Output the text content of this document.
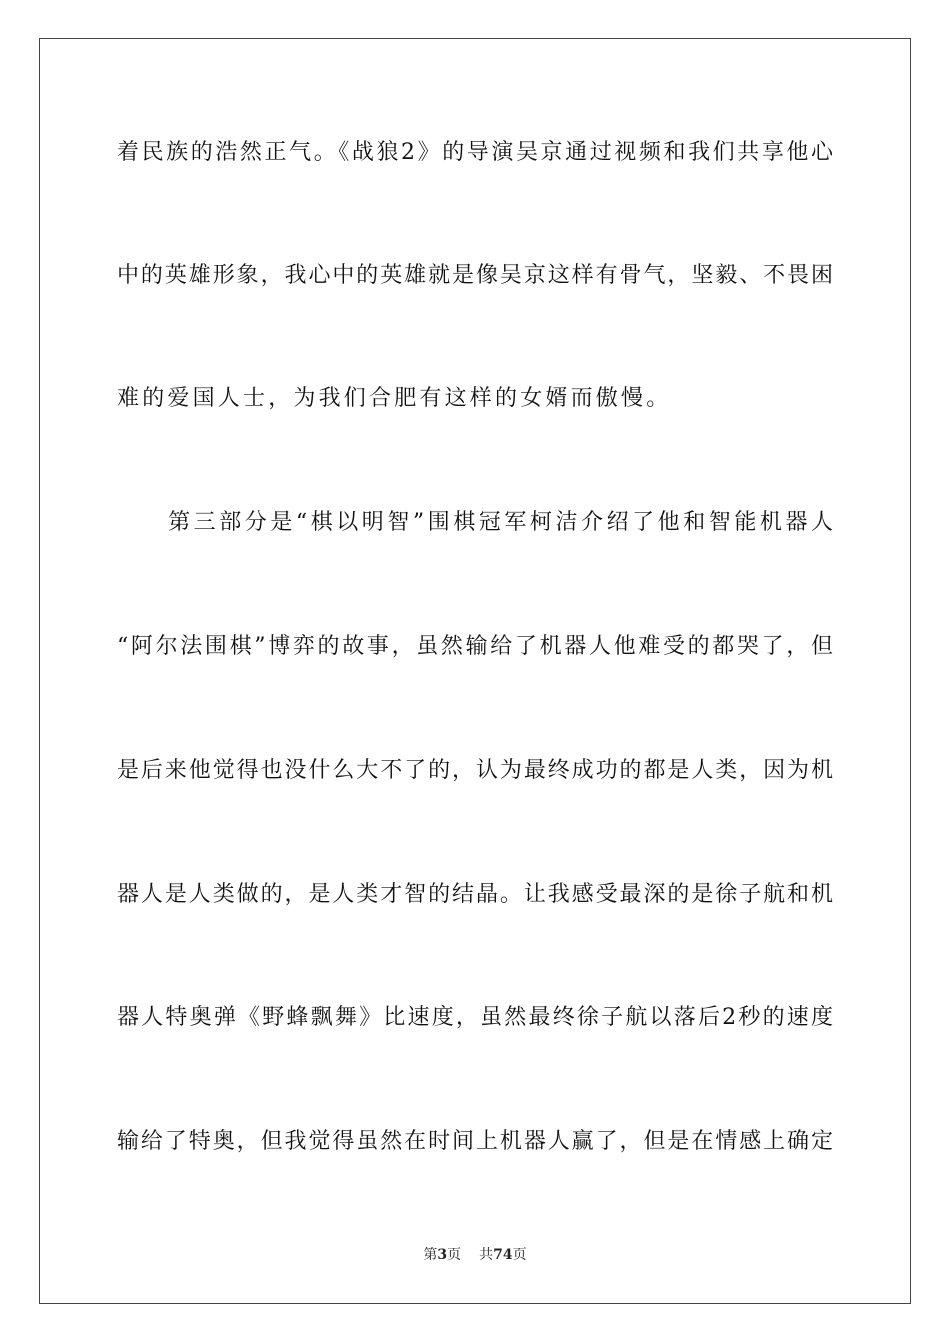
着民族的浩然正气。《战狼2》的导演吴京通过视频和我们共享他心
中的英雄形象，我心中的英雄就是像吴京这样有骨气，坚毅、不畏困
难的爱国人士，为我们合肥有这样的女婿而傲慢。
　　第三部分是“棋以明智”围棋冠军柯洁介绍了他和智能机器人
“阿尔法围棋”博弈的故事，虽然输给了机器人他难受的都哭了，但
是后来他觉得也没什么大不了的，认为最终成功的都是人类，因为机
器人是人类做的，是人类才智的结晶。让我感受最深的是徐子航和机
器人特奥弹《野蜂飘舞》比速度，虽然最终徐子航以落后2秒的速度
输给了特奥，但我觉得虽然在时间上机器人赢了，但是在情感上确定
第3页 共74页
